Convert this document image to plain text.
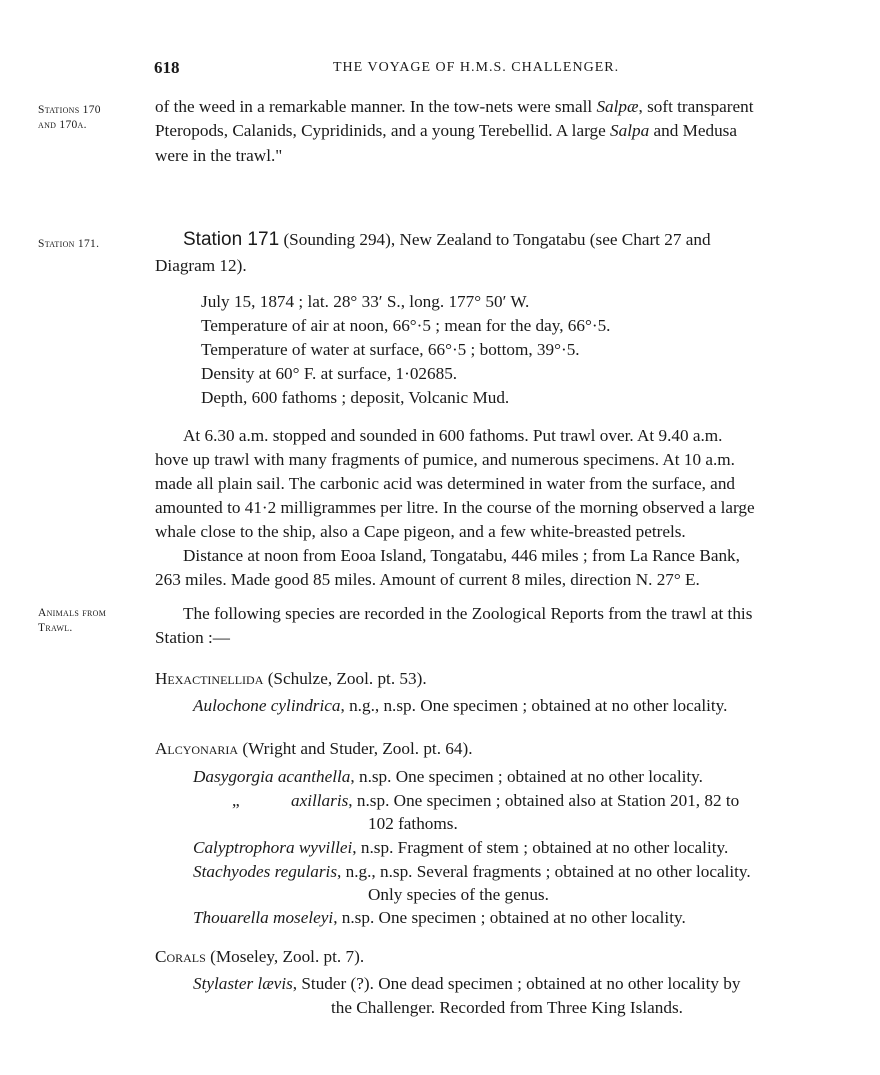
618	THE VOYAGE OF H.M.S. CHALLENGER.
Stations 170
and 170a.
of the weed in a remarkable manner. In the tow-nets were small Salpæ, soft transparent
Pteropods, Calanids, Cypridinids, and a young Terebellid. A large Salpa and Medusa
were in the trawl."
Station 171.	Station 171 (Sounding 294), New Zealand to Tongatabu (see Chart 27 and
Diagram 12).
July 15, 1874 ; lat. 28° 33′ S., long. 177° 50′ W.
Temperature of air at noon, 66°·5 ; mean for the day, 66°·5.
Temperature of water at surface, 66°·5 ; bottom, 39°·5.
Density at 60° F. at surface, 1·02685.
Depth, 600 fathoms ; deposit, Volcanic Mud.
At 6.30 a.m. stopped and sounded in 600 fathoms. Put trawl over. At 9.40 a.m.
hove up trawl with many fragments of pumice, and numerous specimens. At 10 a.m.
made all plain sail. The carbonic acid was determined in water from the surface, and
amounted to 41·2 milligrammes per litre. In the course of the morning observed a large
whale close to the ship, also a Cape pigeon, and a few white-breasted petrels.
Distance at noon from Eooa Island, Tongatabu, 446 miles ; from La Rance Bank,
263 miles. Made good 85 miles. Amount of current 8 miles, direction N. 27° E.
Animals from
Trawl.
The following species are recorded in the Zoological Reports from the trawl at this
Station :—
Hexactinellida (Schulze, Zool. pt. 53).
Aulochone cylindrica, n.g., n.sp. One specimen ; obtained at no other locality.
Alcyonaria (Wright and Studer, Zool. pt. 64).
Dasygorgia acanthella, n.sp. One specimen ; obtained at no other locality.
„	axillaris, n.sp. One specimen ; obtained also at Station 201, 82 to
102 fathoms.
Calyptrophora wyvillei, n.sp. Fragment of stem ; obtained at no other locality.
Stachyodes regularis, n.g., n.sp. Several fragments ; obtained at no other locality.
Only species of the genus.
Thouarella moseleyi, n.sp. One specimen ; obtained at no other locality.
Corals (Moseley, Zool. pt. 7).
Stylaster lævis, Studer (?). One dead specimen ; obtained at no other locality by
the Challenger. Recorded from Three King Islands.
